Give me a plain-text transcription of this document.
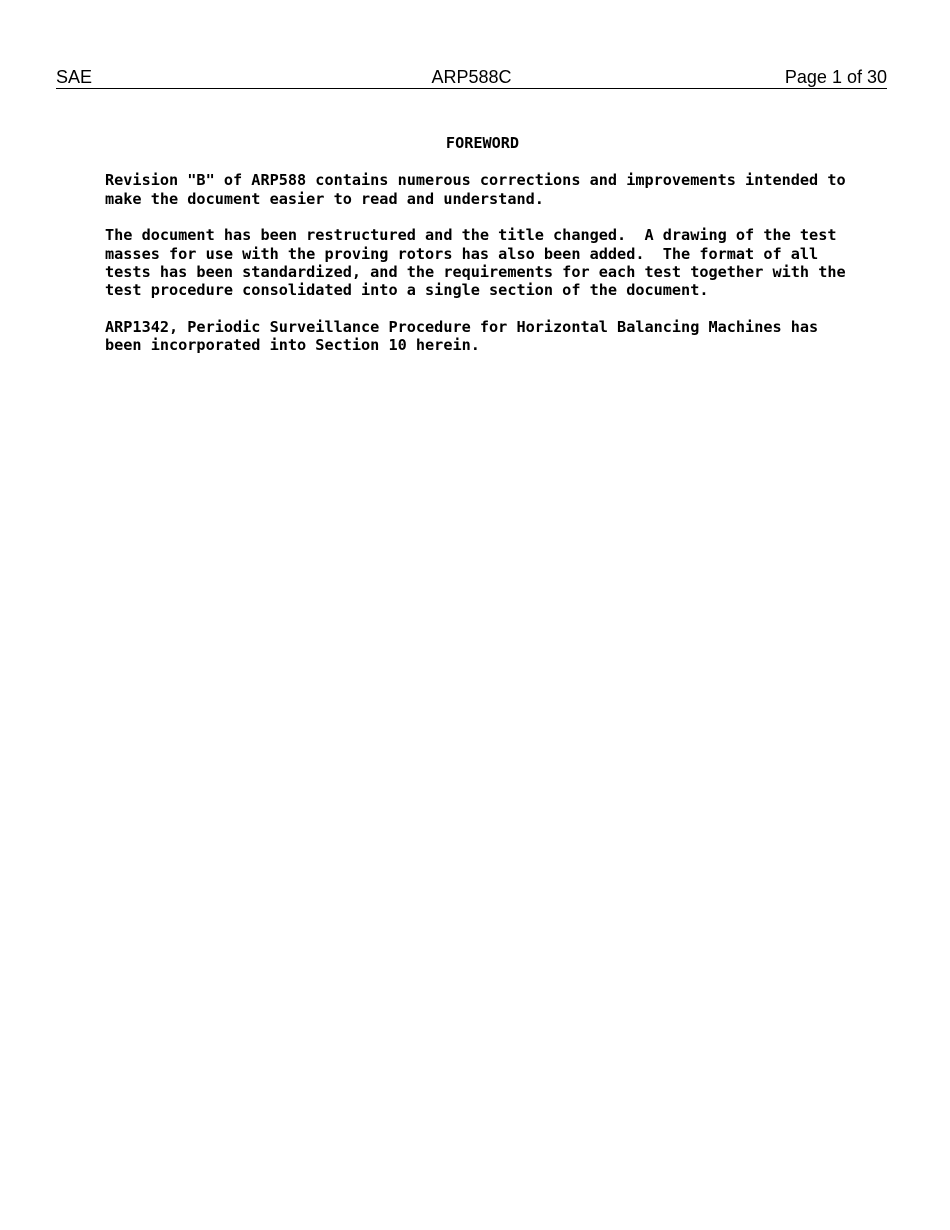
SAE	ARP588C	Page 1 of 30
FOREWORD
Revision "B" of ARP588 contains numerous corrections and improvements intended to
make the document easier to read and understand.
The document has been restructured and the title changed.  A drawing of the test
masses for use with the proving rotors has also been added.  The format of all
tests has been standardized, and the requirements for each test together with the
test procedure consolidated into a single section of the document.
ARP1342, Periodic Surveillance Procedure for Horizontal Balancing Machines has
been incorporated into Section 10 herein.
